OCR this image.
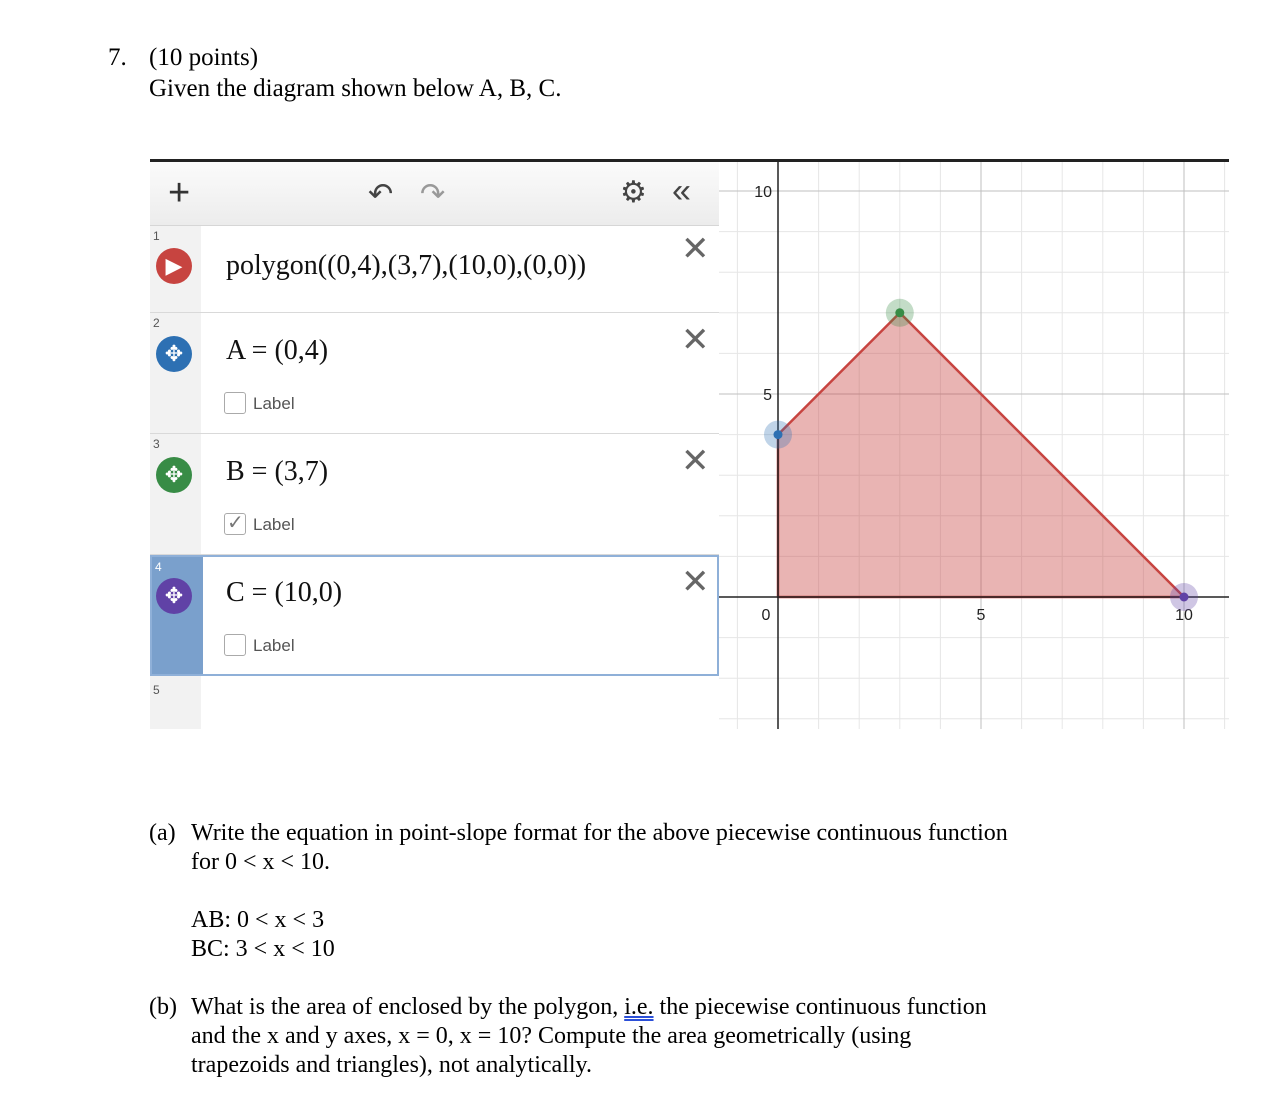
7. (10 points)
Given the diagram shown below A, B, C.
+	↶ ↷	⚙ «
1
▶	polygon((0,4),(3,7),(10,0),(0,0))	✕
2
✥	A = (0,4)	✕
Label
3
✥	B = (3,7)	✕
✓ Label
4
✥	C = (10,0)	✕
Label
5
0	5	10
5
10
(a) Write the equation in point-slope format for the above piecewise continuous function
for 0 < x < 10.
AB: 0 < x < 3
BC: 3 < x < 10
(b) What is the area of enclosed by the polygon, i.e. the piecewise continuous function
and the x and y axes, x = 0, x = 10? Compute the area geometrically (using
trapezoids and triangles), not analytically.
